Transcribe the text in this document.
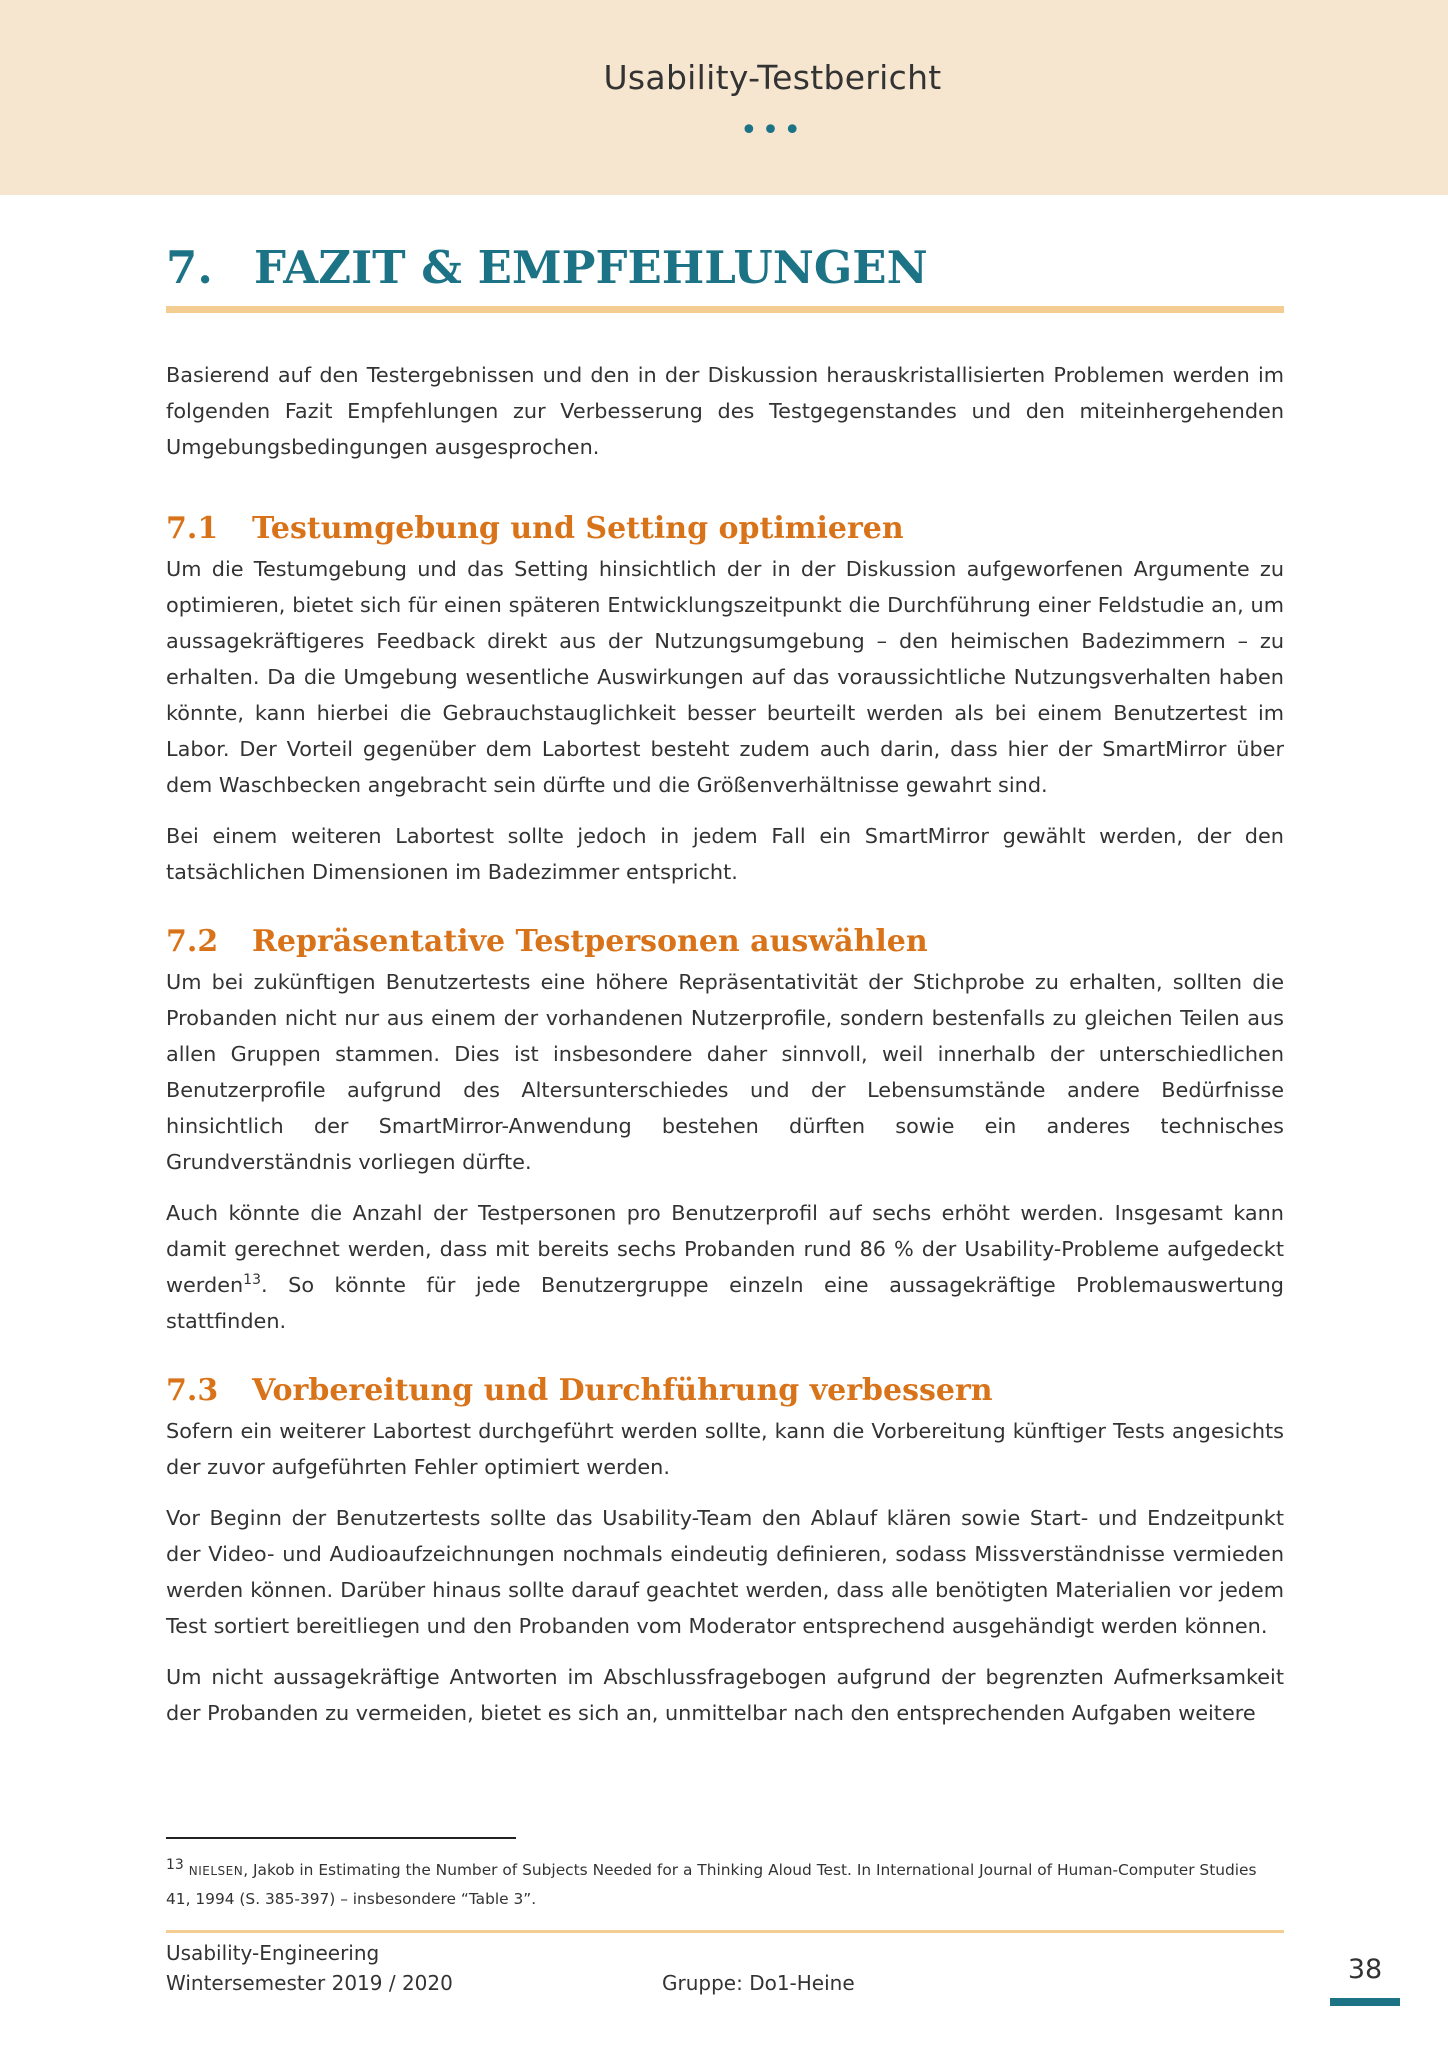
Usability-Testbericht
•••
7. FAZIT & EMPFEHLUNGEN

Basierend auf den Testergebnissen und den in der Diskussion herauskristallisierten Problemen werden im folgenden Fazit Empfehlungen zur Verbesserung des Testgegenstandes und den miteinhergehenden Umgebungsbedingungen ausgesprochen.

7.1 Testumgebung und Setting optimieren

Um die Testumgebung und das Setting hinsichtlich der in der Diskussion aufgeworfenen Argumente zu optimieren, bietet sich für einen späteren Entwicklungszeitpunkt die Durchführung einer Feldstudie an, um aussagekräftigeres Feedback direkt aus der Nutzungsumgebung – den heimischen Badezimmern – zu erhalten. Da die Umgebung wesentliche Auswirkungen auf das voraussichtliche Nutzungsverhalten haben könnte, kann hierbei die Gebrauchstauglichkeit besser beurteilt werden als bei einem Benutzertest im Labor. Der Vorteil gegenüber dem Labortest besteht zudem auch darin, dass hier der SmartMirror über dem Waschbecken angebracht sein dürfte und die Größenverhältnisse gewahrt sind.

Bei einem weiteren Labortest sollte jedoch in jedem Fall ein SmartMirror gewählt werden, der den tatsächlichen Dimensionen im Badezimmer entspricht.

7.2 Repräsentative Testpersonen auswählen

Um bei zukünftigen Benutzertests eine höhere Repräsentativität der Stichprobe zu erhalten, sollten die Probanden nicht nur aus einem der vorhandenen Nutzerprofile, sondern bestenfalls zu gleichen Teilen aus allen Gruppen stammen. Dies ist insbesondere daher sinnvoll, weil innerhalb der unterschiedlichen Benutzerprofile aufgrund des Altersunterschiedes und der Lebensumstände andere Bedürfnisse hinsichtlich der SmartMirror-Anwendung bestehen dürften sowie ein anderes technisches Grundverständnis vorliegen dürfte.

Auch könnte die Anzahl der Testpersonen pro Benutzerprofil auf sechs erhöht werden. Insgesamt kann damit gerechnet werden, dass mit bereits sechs Probanden rund 86 % der Usability-Probleme aufgedeckt werden$^{13}$. So könnte für jede Benutzergruppe einzeln eine aussagekräftige Problemauswertung stattfinden.

7.3 Vorbereitung und Durchführung verbessern

Sofern ein weiterer Labortest durchgeführt werden sollte, kann die Vorbereitung künftiger Tests angesichts der zuvor aufgeführten Fehler optimiert werden.

Vor Beginn der Benutzertests sollte das Usability-Team den Ablauf klären sowie Start- und Endzeitpunkt der Video- und Audioaufzeichnungen nochmals eindeutig definieren, sodass Missverständnisse vermieden werden können. Darüber hinaus sollte darauf geachtet werden, dass alle benötigten Materialien vor jedem Test sortiert bereitliegen und den Probanden vom Moderator entsprechend ausgehändigt werden können.

Um nicht aussagekräftige Antworten im Abschlussfragebogen aufgrund der begrenzten Aufmerksamkeit der Probanden zu vermeiden, bietet es sich an, unmittelbar nach den entsprechenden Aufgaben weitere

$^{13}$ NIELSEN, Jakob in Estimating the Number of Subjects Needed for a Thinking Aloud Test. In International Journal of Human-Computer Studies 41, 1994 (S. 385-397) – insbesondere “Table 3”.
Usability-Engineering
Wintersemester 2019 / 2020	Gruppe: Do1-Heine	38
